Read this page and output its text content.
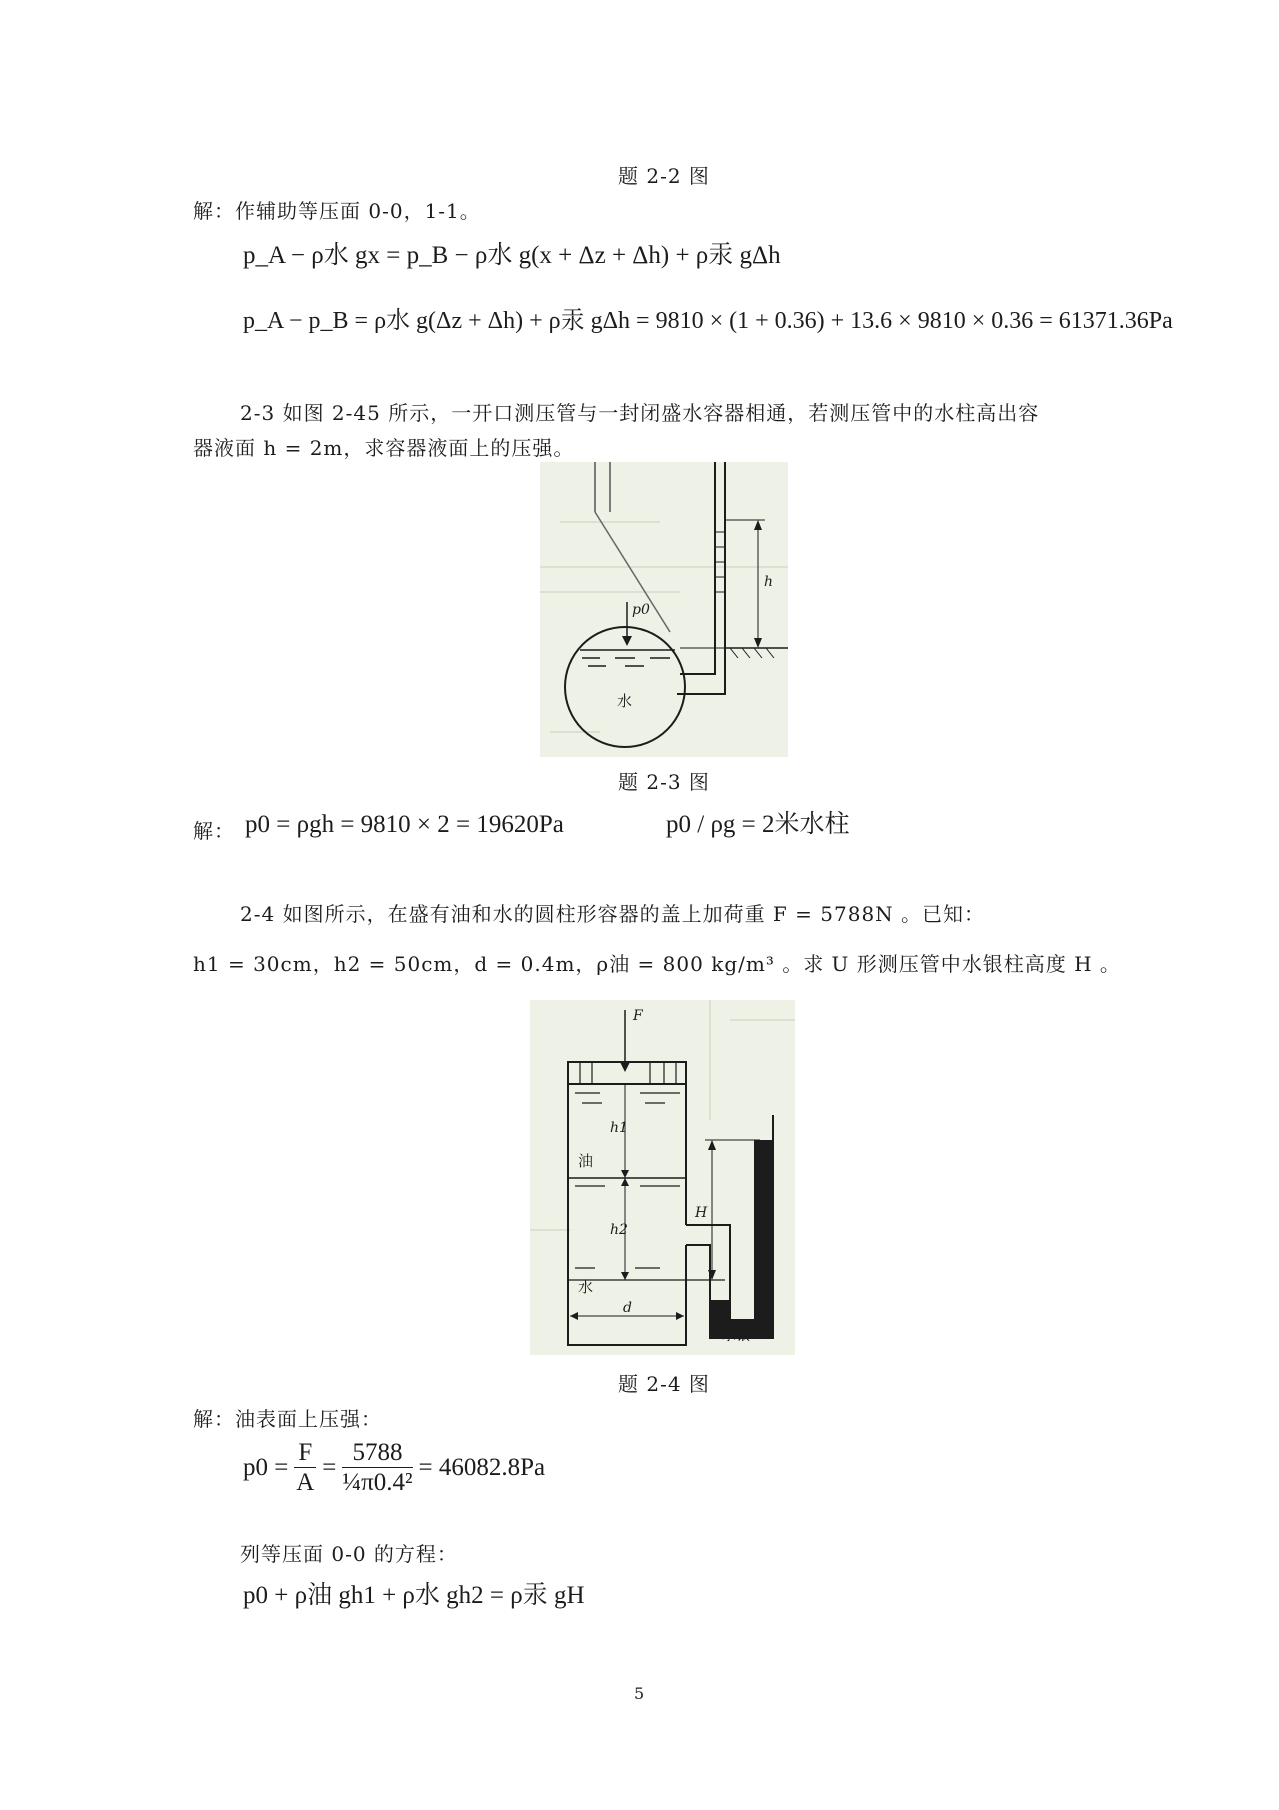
题 2-2 图
解：作辅助等压面 0-0，1-1。
p_A − ρ水 gx = p_B − ρ水 g(x + Δz + Δh) + ρ汞 gΔh
p_A − p_B = ρ水 g(Δz + Δh) + ρ汞 gΔh = 9810 × (1 + 0.36) + 13.6 × 9810 × 0.36 = 61371.36Pa
2-3 如图 2-45 所示，一开口测压管与一封闭盛水容器相通，若测压管中的水柱高出容
器液面 h = 2m，求容器液面上的压强。
p0
h
水
题 2-3 图
解： p0 = ρgh = 9810 × 2 = 19620Pa	p0 / ρg = 2米水柱
2-4 如图所示，在盛有油和水的圆柱形容器的盖上加荷重 F = 5788N 。已知：
h1 = 30cm，h2 = 50cm，d = 0.4m，ρ油 = 800 kg/m³ 。求 U 形测压管中水银柱高度 H 。
F
h1
油
h2
H
水
d
水银
题 2-4 图
解：油表面上压强：
$p0 = \frac{F}{A} = \frac{5788}{\text{¼π0.4²}} = 46082.8Pa$
列等压面 0-0 的方程：
p0 + ρ油 gh1 + ρ水 gh2 = ρ汞 gH
5
